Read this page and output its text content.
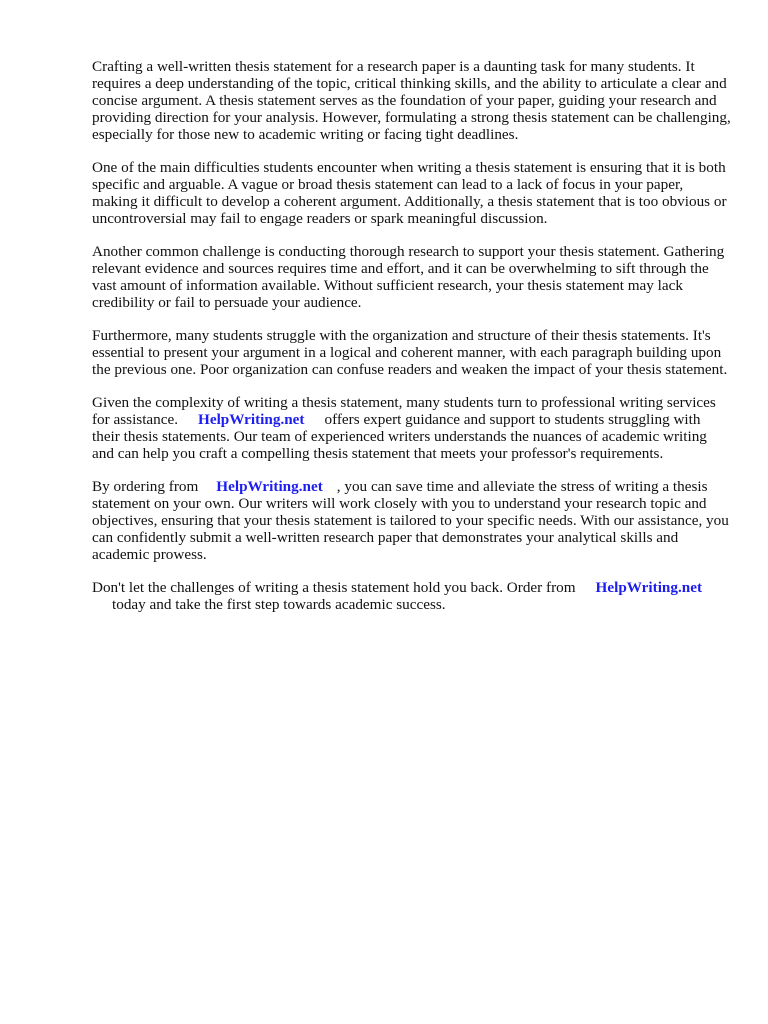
Crafting a well-written thesis statement for a research paper is a daunting task for many students. It requires a deep understanding of the topic, critical thinking skills, and the ability to articulate a clear and concise argument. A thesis statement serves as the foundation of your paper, guiding your research and providing direction for your analysis. However, formulating a strong thesis statement can be challenging, especially for those new to academic writing or facing tight deadlines.

One of the main difficulties students encounter when writing a thesis statement is ensuring that it is both specific and arguable. A vague or broad thesis statement can lead to a lack of focus in your paper, making it difficult to develop a coherent argument. Additionally, a thesis statement that is too obvious or uncontroversial may fail to engage readers or spark meaningful discussion.

Another common challenge is conducting thorough research to support your thesis statement. Gathering relevant evidence and sources requires time and effort, and it can be overwhelming to sift through the vast amount of information available. Without sufficient research, your thesis statement may lack credibility or fail to persuade your audience.

Furthermore, many students struggle with the organization and structure of their thesis statements. It's essential to present your argument in a logical and coherent manner, with each paragraph building upon the previous one. Poor organization can confuse readers and weaken the impact of your thesis statement.

Given the complexity of writing a thesis statement, many students turn to professional writing services for assistance. HelpWriting.net offers expert guidance and support to students struggling with their thesis statements. Our team of experienced writers understands the nuances of academic writing and can help you craft a compelling thesis statement that meets your professor's requirements.

By ordering from HelpWriting.net , you can save time and alleviate the stress of writing a thesis statement on your own. Our writers will work closely with you to understand your research topic and objectives, ensuring that your thesis statement is tailored to your specific needs. With our assistance, you can confidently submit a well-written research paper that demonstrates your analytical skills and academic prowess.

Don't let the challenges of writing a thesis statement hold you back. Order from HelpWriting.net
today and take the first step towards academic success.
